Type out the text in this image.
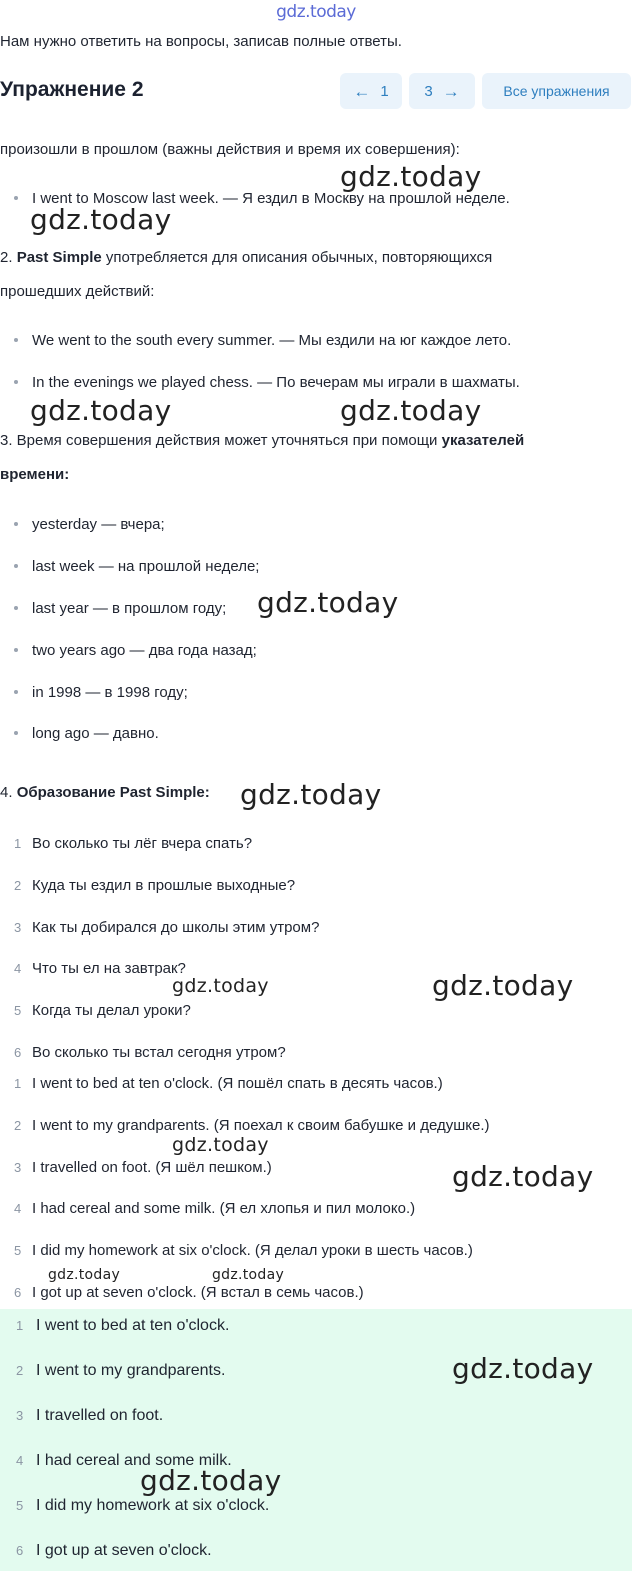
gdz.today
Нам нужно ответить на вопросы, записав полные ответы.
Упражнение 2	← 1 3 →	Все упражнения
произошли в прошлом (важны действия и время их совершения):
I went to Moscow last week. — Я ездил в Москву на прошлой неделе.
2. Past Simple употребляется для описания обычных, повторяющихся
прошедших действий:
We went to the south every summer. — Мы ездили на юг каждое лето.
In the evenings we played chess. — По вечерам мы играли в шахматы.
3. Время совершения действия может уточняться при помощи указателей
времени:
yesterday — вчера;
last week — на прошлой неделе;
last year — в прошлом году;
two years ago — два года назад;
in 1998 — в 1998 году;
long ago — давно.
4. Образование Past Simple:
1 Во сколько ты лёг вчера спать?
2 Куда ты ездил в прошлые выходные?
3 Как ты добирался до школы этим утром?
4 Что ты ел на завтрак?
5 Когда ты делал уроки?
6 Во сколько ты встал сегодня утром?
1 I went to bed at ten o'clock. (Я пошёл спать в десять часов.)
2 I went to my grandparents. (Я поехал к своим бабушке и дедушке.)
3 I travelled on foot. (Я шёл пешком.)
4 I had cereal and some milk. (Я ел хлопья и пил молоко.)
5 I did my homework at six o'clock. (Я делал уроки в шесть часов.)
6 I got up at seven o'clock. (Я встал в семь часов.)
1 I went to bed at ten o'clock.
2 I went to my grandparents.
3 I travelled on foot.
4 I had cereal and some milk.
5 I did my homework at six o'clock.
6 I got up at seven o'clock.
gdz.today
gdz.today
gdz.today	gdz.today
gdz.today
gdz.today
gdz.today	gdz.today
gdz.today
gdz.today
gdz.today	gdz.today
gdz.today
gdz.today
